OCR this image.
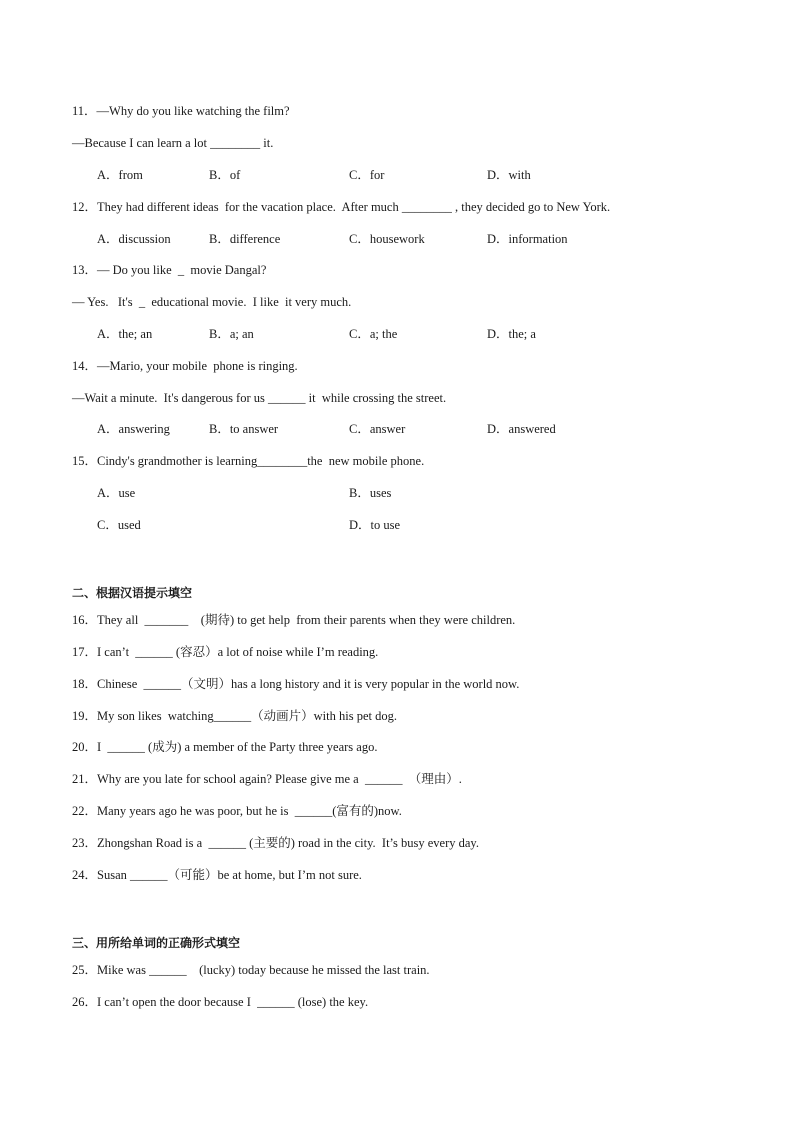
11．—Why do you like watching the film?
—Because I can learn a lot ________ it.
A．from	B．of	C．for	D．with
12．They had different ideas  for the vacation place.  After much ________ , they decided go to New York.
A．discussion	B．difference	C．housework	D．information
13．— Do you like  _  movie Dangal?
— Yes.   It's  _  educational movie.  I like  it very much.
A．the; an	B．a; an	C．a; the	D．the; a
14．—Mario, your mobile  phone is ringing.
—Wait a minute.  It's dangerous for us ______ it  while crossing the street.
A．answering	B．to answer	C．answer	D．answered
15．Cindy's grandmother is learning________the  new mobile phone.
A．use	B．uses
C．used	D．to use
二、根据汉语提示填空
16．They all  _______    (期待) to get help  from their parents when they were children.
17．I can’t  ______ (容忍）a lot of noise while I’m reading.
18．Chinese  ______（文明）has a long history and it is very popular in the world now.
19．My son likes  watching______（动画片）with his pet dog.
20．I  ______ (成为) a member of the Party three years ago.
21．Why are you late for school again? Please give me a  ______  （理由）.
22．Many years ago he was poor, but he is  ______(富有的)now.
23．Zhongshan Road is a  ______ (主要的) road in the city.  It’s busy every day.
24．Susan ______（可能）be at home, but I’m not sure.
三、用所给单词的正确形式填空
25．Mike was ______    (lucky) today because he missed the last train.
26．I can’t open the door because I  ______ (lose) the key.
